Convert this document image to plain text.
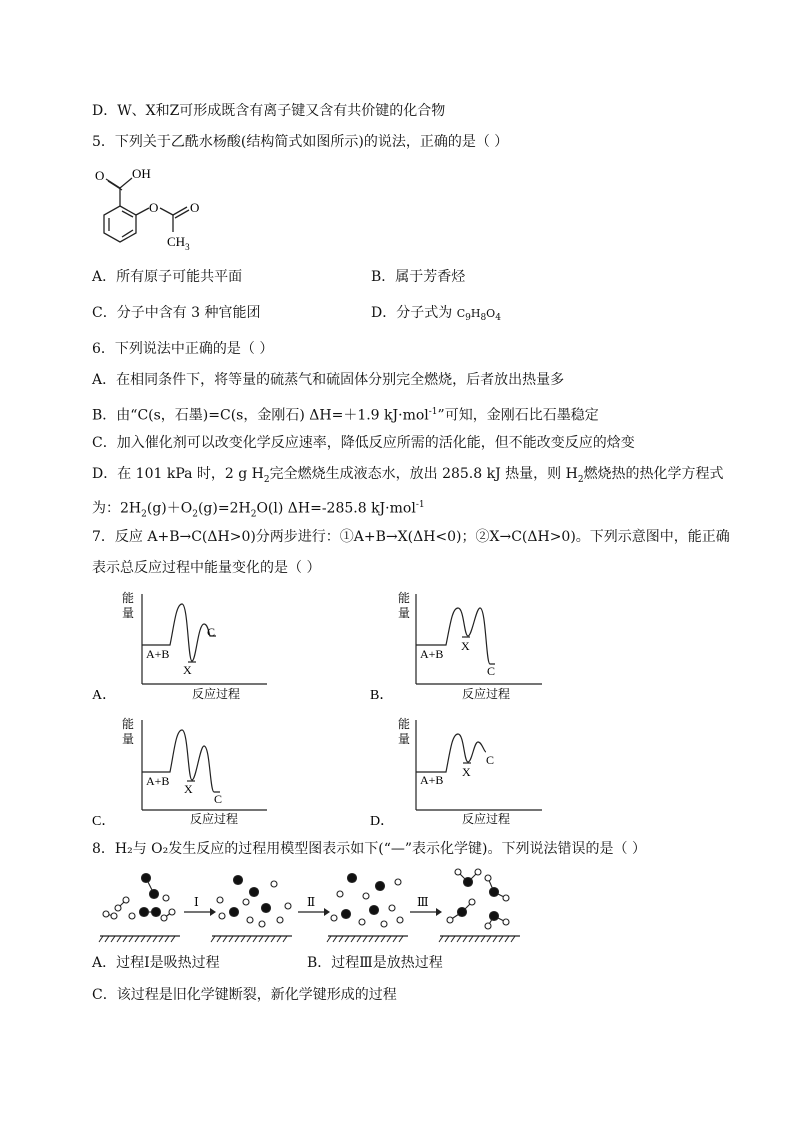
D．W、X和Z可形成既含有离子键又含有共价键的化合物
5．下列关于乙酰水杨酸(结构简式如图所示)的说法，正确的是（ ）
O OH
O O
$CH_3$
A．所有原子可能共平面	B．属于芳香烃
C．分子中含有 3 种官能团	D．分子式为 $C_9H_8O_4$
6．下列说法中正确的是（ ）
A．在相同条件下，将等量的硫蒸气和硫固体分别完全燃烧，后者放出热量多
B．由“C(s，石墨)=C(s，金刚石) ΔH=＋1.9 kJ·mol$^{-1}$”可知，金刚石比石墨稳定
C．加入催化剂可以改变化学反应速率，降低反应所需的活化能，但不能改变反应的焓变
D．在 101 kPa 时，2 g $H_2$完全燃烧生成液态水，放出 285.8 kJ 热量，则 $H_2$燃烧热的热化学方程式
为：$2H_2(g)+O_2(g)=2H_2O(l)$ ΔH=-285.8 kJ·mol$^{-1}$
7．反应 A+B→C(ΔH>0)分两步进行：①A+B→X(ΔH<0)；②X→C(ΔH>0)。下列示意图中，能正确
表示总反应过程中能量变化的是（ ）
能
量
A+B
X
C
反应过程
A．
能
量
A+B
X
C
反应过程
B．
能
量
A+B
X
C
反应过程
C．
能
量
A+B
X
C
反应过程
D．
8．H₂与 O₂发生反应的过程用模型图表示如下(“—”表示化学键)。下列说法错误的是（ ）
Ⅰ	Ⅱ	Ⅲ
A．过程Ⅰ是吸热过程	B．过程Ⅲ是放热过程
C．该过程是旧化学键断裂，新化学键形成的过程
